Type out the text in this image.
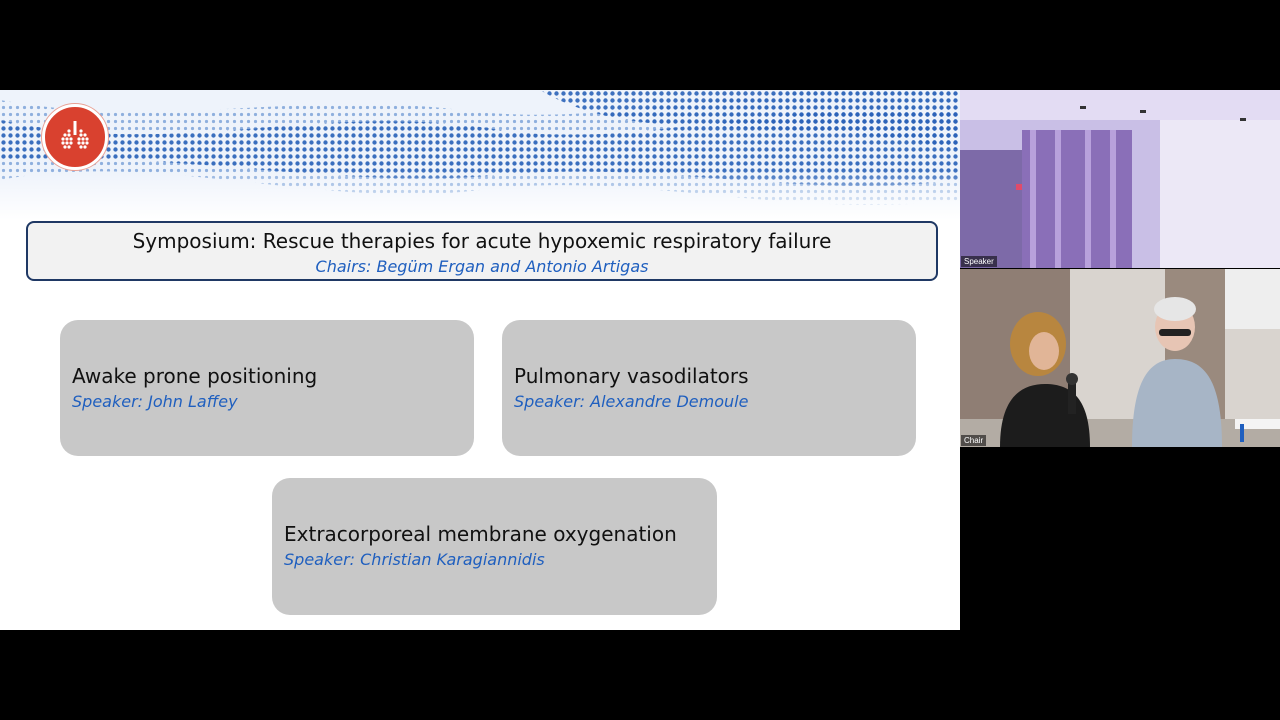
Symposium: Rescue therapies for acute hypoxemic respiratory failure
Chairs: Begüm Ergan and Antonio Artigas
Awake prone positioning
Speaker: John Laffey
Pulmonary vasodilators
Speaker: Alexandre Demoule
Extracorporeal membrane oxygenation
Speaker: Christian Karagiannidis
Speaker
Chair
